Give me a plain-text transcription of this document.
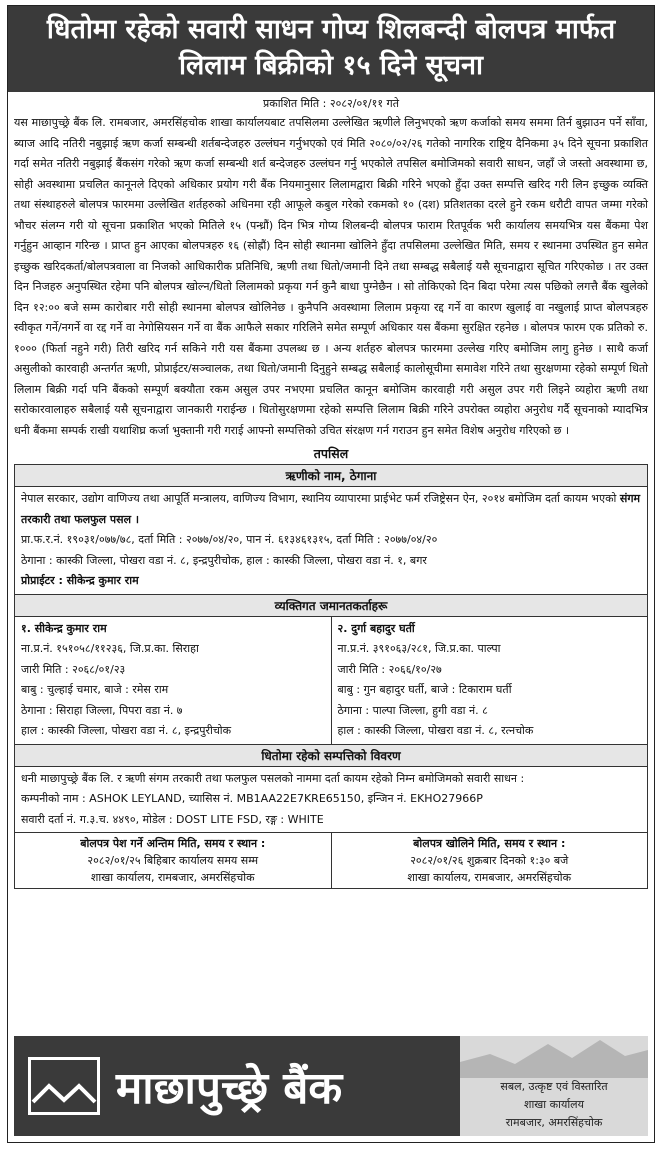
धितोमा रहेको सवारी साधन गोप्य शिलबन्दी बोलपत्र मार्फत
लिलाम बिक्रीको १५ दिने सूचना
प्रकाशित मिति : २०८२/०१/११ गते
यस माछापुच्छ्रे बैंक लि. रामबजार, अमरसिंहचोक शाखा कार्यालयबाट तपसिलमा उल्लेखित ऋणीले लिनुभएको ऋण कर्जाको समय सममा तिर्न बुझाउन पर्ने साँवा, ब्याज आदि नतिरी नबुझाई ऋण कर्जा सम्बन्धी शर्तबन्देजहरु उल्लंघन गर्नुभएको एवं मिति २०८०/०२/२६ गतेको नागरिक राष्ट्रिय दैनिकमा ३५ दिने सूचना प्रकाशित गर्दा समेत नतिरी नबुझाई बैंकसंग गरेको ऋण कर्जा सम्बन्धी शर्त बन्देजहरु उल्लंघन गर्नु भएकोले तपसिल बमोजिमको सवारी साधन, जहाँ जे जस्तो अवस्थामा छ, सोही अवस्थामा प्रचलित कानूनले दिएको अधिकार प्रयोग गरी बैंक नियमानुसार लिलामद्वारा बिक्री गरिने भएको हुँदा उक्त सम्पत्ति खरिद गरी लिन इच्छुक व्यक्ति तथा संस्थाहरुले बोलपत्र फारममा उल्लेखित शर्तहरुको अधिनमा रही आफूले कबुल गरेको रकमको १० (दश) प्रतिशतका दरले हुने रकम धरौटी वापत जम्मा गरेको भौचर संलग्न गरी यो सूचना प्रकाशित भएको मितिले १५ (पन्ध्रौं) दिन भित्र गोप्य शिलबन्दी बोलपत्र फाराम रितपूर्वक भरी कार्यालय समयभित्र यस बैंकमा पेश गर्नुहुन आव्हान गरिन्छ । प्राप्त हुन आएका बोलपत्रहरु १६ (सोह्रौं) दिन सोही स्थानमा खोलिने हुँदा तपसिलमा उल्लेखित मिति, समय र स्थानमा उपस्थित हुन समेत इच्छुक खरिदकर्ता/बोलपत्रवाला वा निजको आधिकारीक प्रतिनिधि, ऋणी तथा धितो/जमानी दिने तथा सम्बद्ध सबैलाई यसै सूचनाद्वारा सूचित गरिएकोछ । तर उक्त दिन निजहरु अनुपस्थित रहेमा पनि बोलपत्र खोल्न/धितो लिलामको प्रकृया गर्न कुनै बाधा पुग्नेछैन । सो तोकिएको दिन बिदा परेमा त्यस पछिको लगत्तै बैंक खुलेको दिन १२:०० बजे सम्म कारोबार गरी सोही स्थानमा बोलपत्र खोलिनेछ । कुनैपनि अवस्थामा लिलाम प्रकृया रद्द गर्ने वा कारण खुलाई वा नखुलाई प्राप्त बोलपत्रहरु स्वीकृत गर्ने/नगर्ने वा रद्द गर्ने वा नेगोसियसन गर्ने वा बैंक आफैले सकार गरिलिने समेत सम्पूर्ण अधिकार यस बैंकमा सुरक्षित रहनेछ । बोलपत्र फारम एक प्रतिको रु. १००० (फिर्ता नहुने गरी) तिरी खरिद गर्न सकिने गरी यस बैंकमा उपलब्ध छ । अन्य शर्तहरु बोलपत्र फारममा उल्लेख गरिए बमोजिम लागु हुनेछ । साथै कर्जा असुलीको कारवाही अन्तर्गत ऋणी, प्रोप्राईटर/सञ्चालक, तथा धितो/जमानी दिनुहुने सम्बद्ध सबैलाई कालोसूचीमा समावेश गरिने तथा सुरक्षणमा रहेको सम्पूर्ण धितो लिलाम बिक्री गर्दा पनि बैंकको सम्पूर्ण बक्यौता रकम असुल उपर नभएमा प्रचलित कानून बमोजिम कारवाही गरी असुल उपर गरी लिइने व्यहोरा ऋणी तथा सरोकारवालाहरु सबैलाई यसै सूचनाद्वारा जानकारी गराईन्छ । धितोसुरक्षणमा रहेको सम्पत्ति लिलाम बिक्री गरिने उपरोक्त व्यहोरा अनुरोध गर्दै सूचनाको म्यादभित्र धनी बैंकमा सम्पर्क राखी यथाशिघ्र कर्जा भुक्तानी गरी गराई आफ्नो सम्पत्तिको उचित संरक्षण गर्न गराउन हुन समेत विशेष अनुरोध गरिएको छ ।
तपसिल
ऋणीको नाम, ठेगाना
नेपाल सरकार, उद्योग वाणिज्य तथा आपूर्ति मन्त्रालय, वाणिज्य विभाग, स्थानिय व्यापारमा प्राईभेट फर्म रजिष्ट्रेसन ऐन, २०१४ बमोजिम दर्ता कायम भएको संगम तरकारी तथा फलफुल पसल ।
प्रा.फ.र.नं. १९०३१/०७७/७८, दर्ता मिति : २०७७/०४/२०, पान नं. ६१३४६१३१५, दर्ता मिति : २०७७/०४/२०
ठेगाना : कास्की जिल्ला, पोखरा वडा नं. ८, इन्द्रपुरीचोक, हाल : कास्की जिल्ला, पोखरा वडा नं. १, बगर
प्रोप्राईटर : सीकेन्द्र कुमार राम
व्यक्तिगत जमानतकर्ताहरू
१. सीकेन्द्र कुमार राम
ना.प्र.नं. १५१०५८/११२३६, जि.प्र.का. सिराहा
जारी मिति : २०६८/०१/२३
बाबु : चुल्हाई चमार, बाजे : रमेस राम
ठेगाना : सिराहा जिल्ला, पिपरा वडा नं. ७
हाल : कास्की जिल्ला, पोखरा वडा नं. ८, इन्द्रपुरीचोक
२. दुर्गा बहादुर घर्ती
ना.प्र.नं. ३९१०६३/२८१, जि.प्र.का. पाल्पा
जारी मिति : २०६६/१०/२७
बाबु : गुन बहादुर घर्ती, बाजे : टिकाराम घर्ती
ठेगाना : पाल्पा जिल्ला, हुगी वडा नं. ८
हाल : कास्की जिल्ला, पोखरा वडा नं. ८, रत्नचोक
धितोमा रहेको सम्पत्तिको विवरण
धनी माछापुच्छ्रे बैंक लि. र ऋणी संगम तरकारी तथा फलफुल पसलको नाममा दर्ता कायम रहेको निम्न बमोजिमको सवारी साधन :
कम्पनीको नाम : ASHOK LEYLAND, च्यासिस नं. MB1AA22E7KRE65150, इन्जिन नं. EKHO27966P
सवारी दर्ता नं. ग.३.च. ४४९०, मोडेल : DOST LITE FSD, रङ्ग : WHITE
बोलपत्र पेश गर्ने अन्तिम मिति, समय र स्थान :
२०८२/०१/२५ बिहिबार कार्यालय समय सम्म
शाखा कार्यालय, रामबजार, अमरसिंहचोक
बोलपत्र खोलिने मिति, समय र स्थान :
२०८२/०१/२६ शुक्रबार दिनको १:३० बजे
शाखा कार्यालय, रामबजार, अमरसिंहचोक
माछापुच्छ्रे बैंक	सबल, उत्कृष्ट एवं विस्तारित
शाखा कार्यालय
रामबजार, अमरसिंहचोक
